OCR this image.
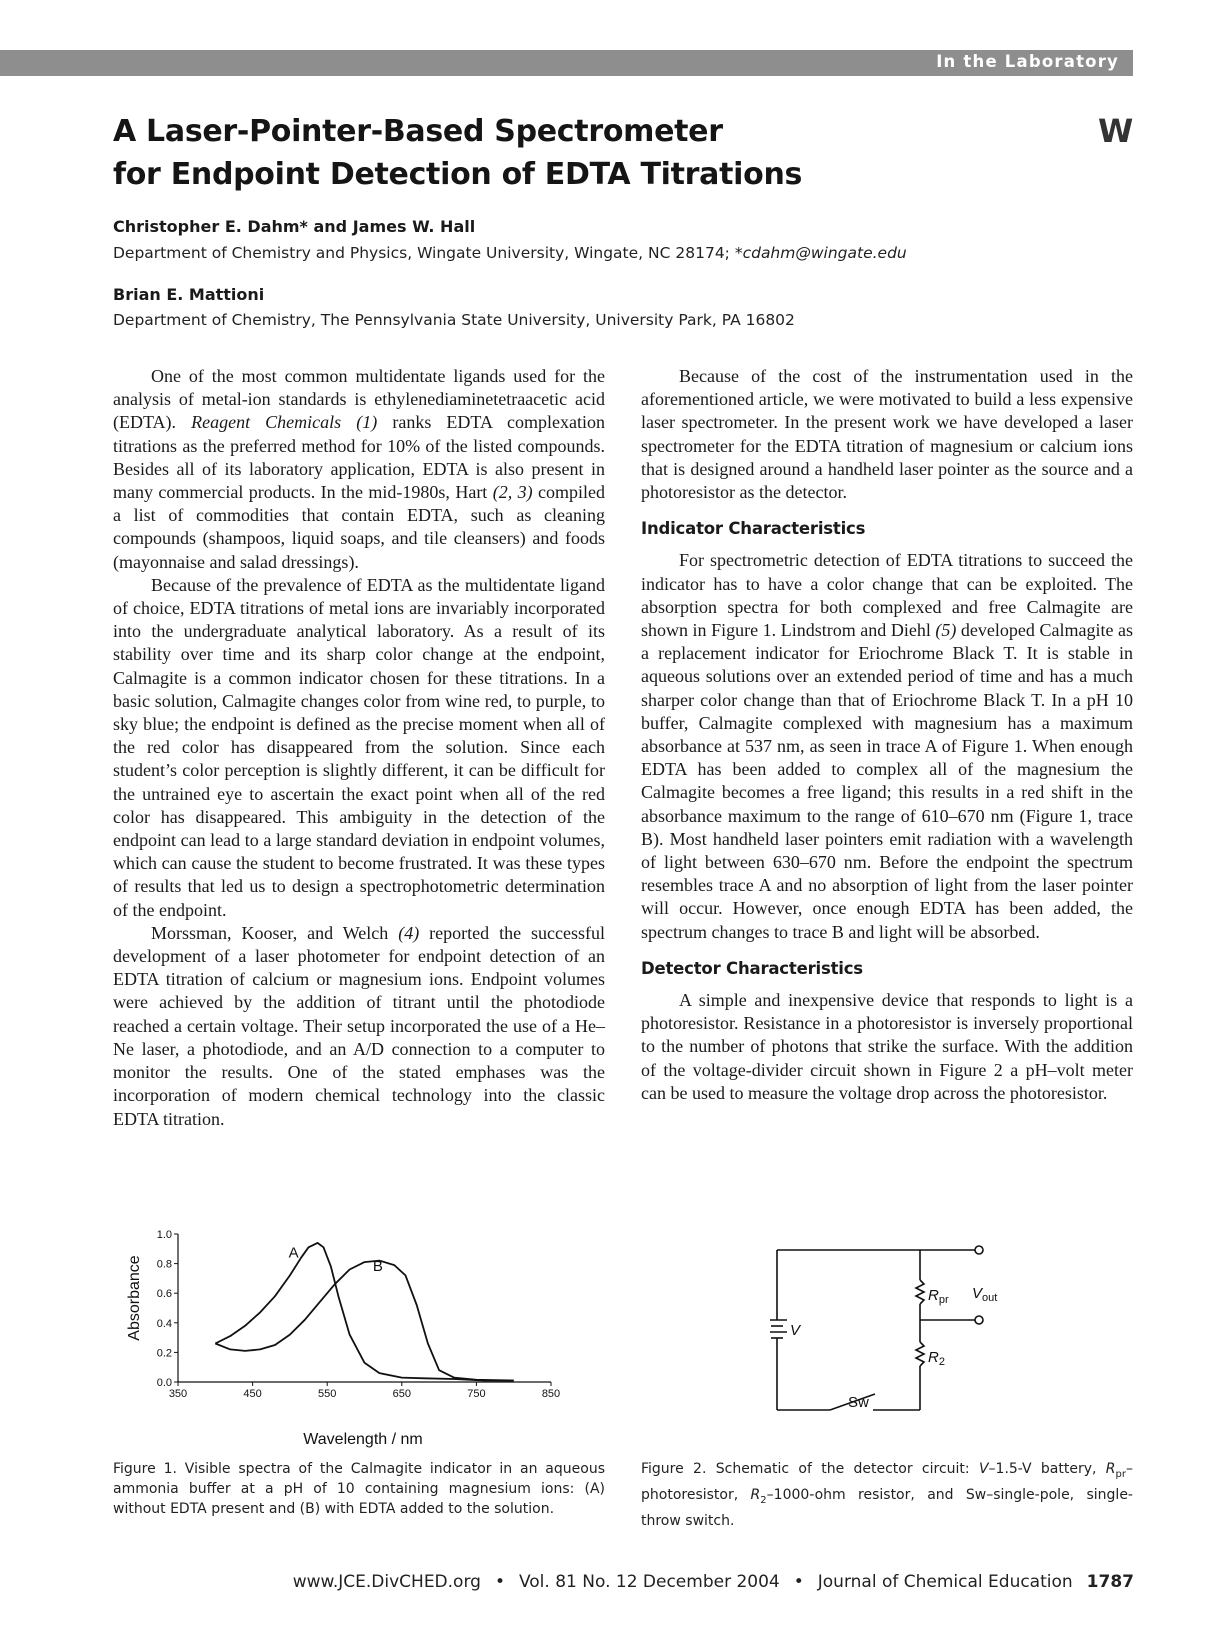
In the Laboratory
A Laser-Pointer-Based Spectrometer
for Endpoint Detection of EDTA Titrations
W
Christopher E. Dahm* and James W. Hall
Department of Chemistry and Physics, Wingate University, Wingate, NC 28174; *cdahm@wingate.edu
Brian E. Mattioni
Department of Chemistry, The Pennsylvania State University, University Park, PA 16802

One of the most common multidentate ligands used for the analysis of metal-ion standards is ethylenediaminetetraacetic acid (EDTA). Reagent Chemicals (1) ranks EDTA complexation titrations as the preferred method for 10% of the listed compounds. Besides all of its laboratory application, EDTA is also present in many commercial products. In the mid-1980s, Hart (2, 3) compiled a list of commodities that contain EDTA, such as cleaning compounds (shampoos, liquid soaps, and tile cleansers) and foods (mayonnaise and salad dressings).

Because of the prevalence of EDTA as the multidentate ligand of choice, EDTA titrations of metal ions are invariably incorporated into the undergraduate analytical laboratory. As a result of its stability over time and its sharp color change at the endpoint, Calmagite is a common indicator chosen for these titrations. In a basic solution, Calmagite changes color from wine red, to purple, to sky blue; the endpoint is defined as the precise moment when all of the red color has disappeared from the solution. Since each student’s color perception is slightly different, it can be difficult for the untrained eye to ascertain the exact point when all of the red color has disappeared. This ambiguity in the detection of the endpoint can lead to a large standard deviation in endpoint volumes, which can cause the student to become frustrated. It was these types of results that led us to design a spectrophotometric determination of the endpoint.

Morssman, Kooser, and Welch (4) reported the successful development of a laser photometer for endpoint detection of an EDTA titration of calcium or magnesium ions. Endpoint volumes were achieved by the addition of titrant until the photodiode reached a certain voltage. Their setup incorporated the use of a He–Ne laser, a photodiode, and an A/D connection to a computer to monitor the results. One of the stated emphases was the incorporation of modern chemical technology into the classic EDTA titration.

Because of the cost of the instrumentation used in the aforementioned article, we were motivated to build a less expensive laser spectrometer. In the present work we have developed a laser spectrometer for the EDTA titration of magnesium or calcium ions that is designed around a handheld laser pointer as the source and a photoresistor as the detector.

Indicator Characteristics

For spectrometric detection of EDTA titrations to succeed the indicator has to have a color change that can be exploited. The absorption spectra for both complexed and free Calmagite are shown in Figure 1. Lindstrom and Diehl (5) developed Calmagite as a replacement indicator for Eriochrome Black T. It is stable in aqueous solutions over an extended period of time and has a much sharper color change than that of Eriochrome Black T. In a pH 10 buffer, Calmagite complexed with magnesium has a maximum absorbance at 537 nm, as seen in trace A of Figure 1. When enough EDTA has been added to complex all of the magnesium the Calmagite becomes a free ligand; this results in a red shift in the absorbance maximum to the range of 610–670 nm (Figure 1, trace B). Most handheld laser pointers emit radiation with a wavelength of light between 630–670 nm. Before the endpoint the spectrum resembles trace A and no absorption of light from the laser pointer will occur. However, once enough EDTA has been added, the spectrum changes to trace B and light will be absorbed.

Detector Characteristics

A simple and inexpensive device that responds to light is a photoresistor. Resistance in a photoresistor is inversely proportional to the number of photons that strike the surface. With the addition of the voltage-divider circuit shown in Figure 2 a pH–volt meter can be used to measure the voltage drop across the photoresistor.

0.0
0.2
0.4
0.6
0.8
1.0
350	450	550	650	750	850
A
B
Absorbance
Wavelength / nm
V
$R_{pr}$ $V_{out}$
$R_2$
Sw
Figure 1. Visible spectra of the Calmagite indicator in an aqueous ammonia buffer at a pH of 10 containing magnesium ions: (A) without EDTA present and (B) with EDTA added to the solution.
Figure 2. Schematic of the detector circuit: V–1.5-V battery, $R_{pr}$–photoresistor, $R_2-1000$-ohm resistor, and Sw–single-pole, single-throw switch.
www.JCE.DivCHED.org • Vol. 81 No. 12 December 2004 • Journal of Chemical Education 1787
